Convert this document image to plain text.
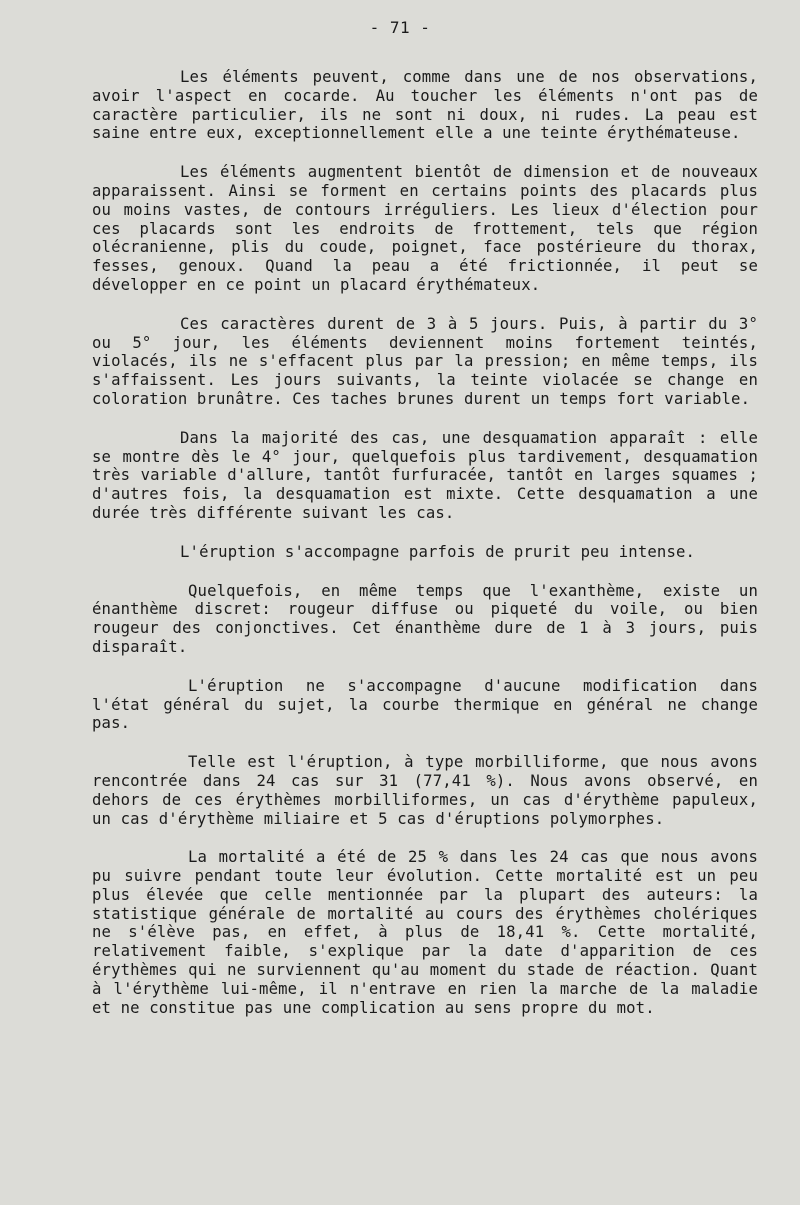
- 71 -

Les éléments peuvent, comme dans une de nos observations, avoir l'aspect en cocarde. Au toucher les éléments n'ont pas de caractère particulier, ils ne sont ni doux, ni rudes. La peau est saine entre eux, exceptionnellement elle a une teinte érythémateuse.

Les éléments augmentent bientôt de dimension et de nouveaux apparaissent. Ainsi se forment en certains points des placards plus ou moins vastes, de contours irréguliers. Les lieux d'élection pour ces placards sont les endroits de frottement, tels que région olécranienne, plis du coude, poignet, face postérieure du thorax, fesses, genoux. Quand la peau a été frictionnée, il peut se développer en ce point un placard érythémateux.

Ces caractères durent de 3 à 5 jours. Puis, à partir du 3° ou 5° jour, les éléments deviennent moins fortement teintés, violacés, ils ne s'effacent plus par la pression; en même temps, ils s'affaissent. Les jours suivants, la teinte violacée se change en coloration brunâtre. Ces taches brunes durent un temps fort variable.

Dans la majorité des cas, une desquamation apparaît : elle se montre dès le 4° jour, quelquefois plus tardivement, desquamation très variable d'allure, tantôt furfuracée, tantôt en larges squames ; d'autres fois, la desquamation est mixte. Cette desquamation a une durée très différente suivant les cas.

L'éruption s'accompagne parfois de prurit peu intense.

Quelquefois, en même temps que l'exanthème, existe un énanthème discret: rougeur diffuse ou piqueté du voile, ou bien rougeur des conjonctives. Cet énanthème dure de 1 à 3 jours, puis disparaît.

L'éruption ne s'accompagne d'aucune modification dans l'état général du sujet, la courbe thermique en général ne change pas.

Telle est l'éruption, à type morbilliforme, que nous avons rencontrée dans 24 cas sur 31 (77,41 %). Nous avons observé, en dehors de ces érythèmes morbilliformes, un cas d'érythème papuleux, un cas d'érythème miliaire et 5 cas d'éruptions polymorphes.

La mortalité a été de 25 % dans les 24 cas que nous avons pu suivre pendant toute leur évolution. Cette mortalité est un peu plus élevée que celle mentionnée par la plupart des auteurs: la statistique générale de mortalité au cours des érythèmes cholériques ne s'élève pas, en effet, à plus de 18,41 %. Cette mortalité, relativement faible, s'explique par la date d'apparition de ces érythèmes qui ne surviennent qu'au moment du stade de réaction. Quant à l'érythème lui-même, il n'entrave en rien la marche de la maladie et ne constitue pas une complication au sens propre du mot.
